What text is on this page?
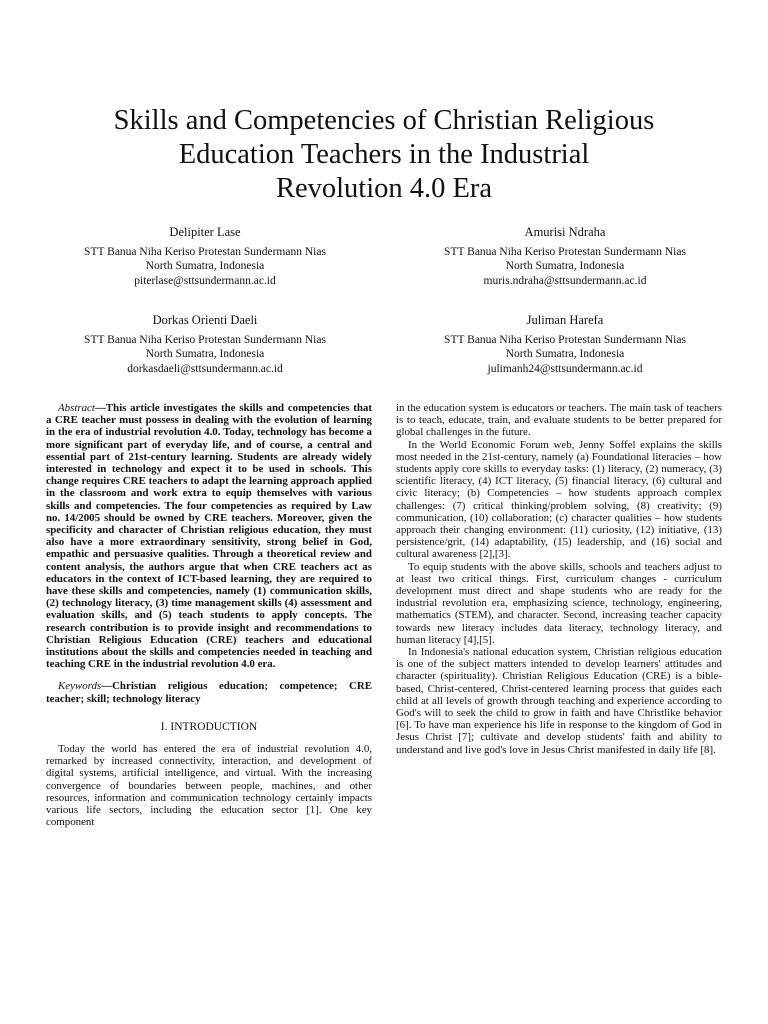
Skills and Competencies of Christian Religious
Education Teachers in the Industrial
Revolution 4.0 Era
Delipiter Lase
STT Banua Niha Keriso Protestan Sundermann Nias
North Sumatra, Indonesia
piterlase@sttsundermann.ac.id
Amurisi Ndraha
STT Banua Niha Keriso Protestan Sundermann Nias
North Sumatra, Indonesia
muris.ndraha@sttsundermann.ac.id
Dorkas Orienti Daeli
STT Banua Niha Keriso Protestan Sundermann Nias
North Sumatra, Indonesia
dorkasdaeli@sttsundermann.ac.id
Juliman Harefa
STT Banua Niha Keriso Protestan Sundermann Nias
North Sumatra, Indonesia
julimanh24@sttsundermann.ac.id

Abstract—This article investigates the skills and competencies that a CRE teacher must possess in dealing with the evolution of learning in the era of industrial revolution 4.0. Today, technology has become a more significant part of everyday life, and of course, a central and essential part of 21st-century learning. Students are already widely interested in technology and expect it to be used in schools. This change requires CRE teachers to adapt the learning approach applied in the classroom and work extra to equip themselves with various skills and competencies. The four competencies as required by Law no. 14/2005 should be owned by CRE teachers. Moreover, given the specificity and character of Christian religious education, they must also have a more extraordinary sensitivity, strong belief in God, empathic and persuasive qualities. Through a theoretical review and content analysis, the authors argue that when CRE teachers act as educators in the context of ICT-based learning, they are required to have these skills and competencies, namely (1) communication skills, (2) technology literacy, (3) time management skills (4) assessment and evaluation skills, and (5) teach students to apply concepts. The research contribution is to provide insight and recommendations to Christian Religious Education (CRE) teachers and educational institutions about the skills and competencies needed in teaching and teaching CRE in the industrial revolution 4.0 era.

Keywords—Christian religious education; competence; CRE teacher; skill; technology literacy

I. INTRODUCTION

Today the world has entered the era of industrial revolution 4.0, remarked by increased connectivity, interaction, and development of digital systems, artificial intelligence, and virtual. With the increasing convergence of boundaries between people, machines, and other resources, information and communication technology certainly impacts various life sectors, including the education sector [1]. One key component

in the education system is educators or teachers. The main task of teachers is to teach, educate, train, and evaluate students to be better prepared for global challenges in the future.

In the World Economic Forum web, Jenny Soffel explains the skills most needed in the 21st-century, namely (a) Foundational literacies – how students apply core skills to everyday tasks: (1) literacy, (2) numeracy, (3) scientific literacy, (4) ICT literacy, (5) financial literacy, (6) cultural and civic literacy; (b) Competencies – how students approach complex challenges: (7) critical thinking/problem solving, (8) creativity; (9) communication, (10) collaboration; (c) character qualities – how students approach their changing environment: (11) curiosity, (12) initiative, (13) persistence/grit, (14) adaptability, (15) leadership, and (16) social and cultural awareness [2],[3].

To equip students with the above skills, schools and teachers adjust to at least two critical things. First, curriculum changes - curriculum development must direct and shape students who are ready for the industrial revolution era, emphasizing science, technology, engineering, mathematics (STEM), and character. Second, increasing teacher capacity towards new literacy includes data literacy, technology literacy, and human literacy [4],[5].

In Indonesia's national education system, Christian religious education is one of the subject matters intended to develop learners' attitudes and character (spirituality). Christian Religious Education (CRE) is a bible-based, Christ-centered, Christ-centered learning process that guides each child at all levels of growth through teaching and experience according to God's will to seek the child to grow in faith and have Christlike behavior [6]. To have man experience his life in response to the kingdom of God in Jesus Christ [7]; cultivate and develop students' faith and ability to understand and live god's love in Jesus Christ manifested in daily life [8].
